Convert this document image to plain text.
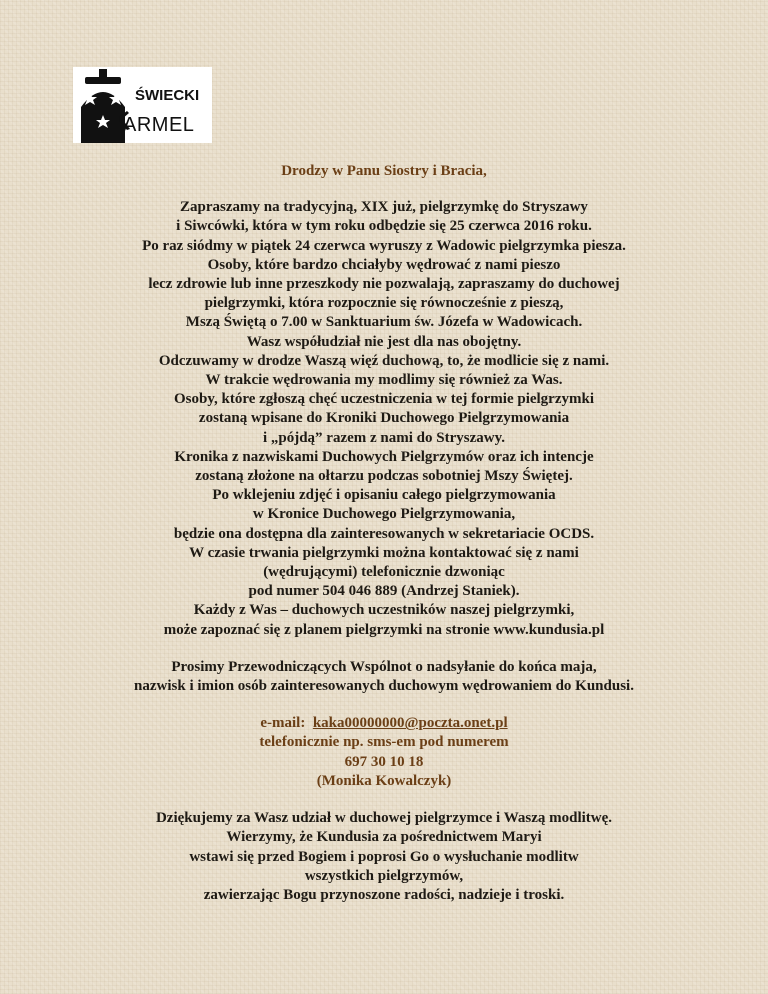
ŚWIECKI
ARMEL

Drodzy w Panu Siostry i Bracia,

Zapraszamy na tradycyjną, XIX już, pielgrzymkę do Stryszawy
i Siwcówki, która w tym roku odbędzie się 25 czerwca 2016 roku.
Po raz siódmy w piątek 24 czerwca wyruszy z Wadowic pielgrzymka piesza.
Osoby, które bardzo chciałyby wędrować z nami pieszo
lecz zdrowie lub inne przeszkody nie pozwalają, zapraszamy do duchowej
pielgrzymki, która rozpocznie się równocześnie z pieszą,
Mszą Świętą o 7.00 w Sanktuarium św. Józefa w Wadowicach.
Wasz współudział nie jest dla nas obojętny.
Odczuwamy w drodze Waszą więź duchową, to, że modlicie się z nami.
W trakcie wędrowania my modlimy się również za Was.
Osoby, które zgłoszą chęć uczestniczenia w tej formie pielgrzymki
zostaną wpisane do Kroniki Duchowego Pielgrzymowania
i „pójdą” razem z nami do Stryszawy.
Kronika z nazwiskami Duchowych Pielgrzymów oraz ich intencje
zostaną złożone na ołtarzu podczas sobotniej Mszy Świętej.
Po wklejeniu zdjęć i opisaniu całego pielgrzymowania
w Kronice Duchowego Pielgrzymowania,
będzie ona dostępna dla zainteresowanych w sekretariacie OCDS.
W czasie trwania pielgrzymki można kontaktować się z nami
(wędrującymi) telefonicznie dzwoniąc
pod numer 504 046 889 (Andrzej Staniek).
Każdy z Was – duchowych uczestników naszej pielgrzymki,
może zapoznać się z planem pielgrzymki na stronie www.kundusia.pl

Prosimy Przewodniczących Wspólnot o nadsyłanie do końca maja,
nazwisk i imion osób zainteresowanych duchowym wędrowaniem do Kundusi.

e-mail: kaka00000000@poczta.onet.pl
telefonicznie np. sms-em pod numerem
697 30 10 18
(Monika Kowalczyk)

Dziękujemy za Wasz udział w duchowej pielgrzymce i Waszą modlitwę.
Wierzymy, że Kundusia za pośrednictwem Maryi
wstawi się przed Bogiem i poprosi Go o wysłuchanie modlitw
wszystkich pielgrzymów,
zawierzając Bogu przynoszone radości, nadzieje i troski.
